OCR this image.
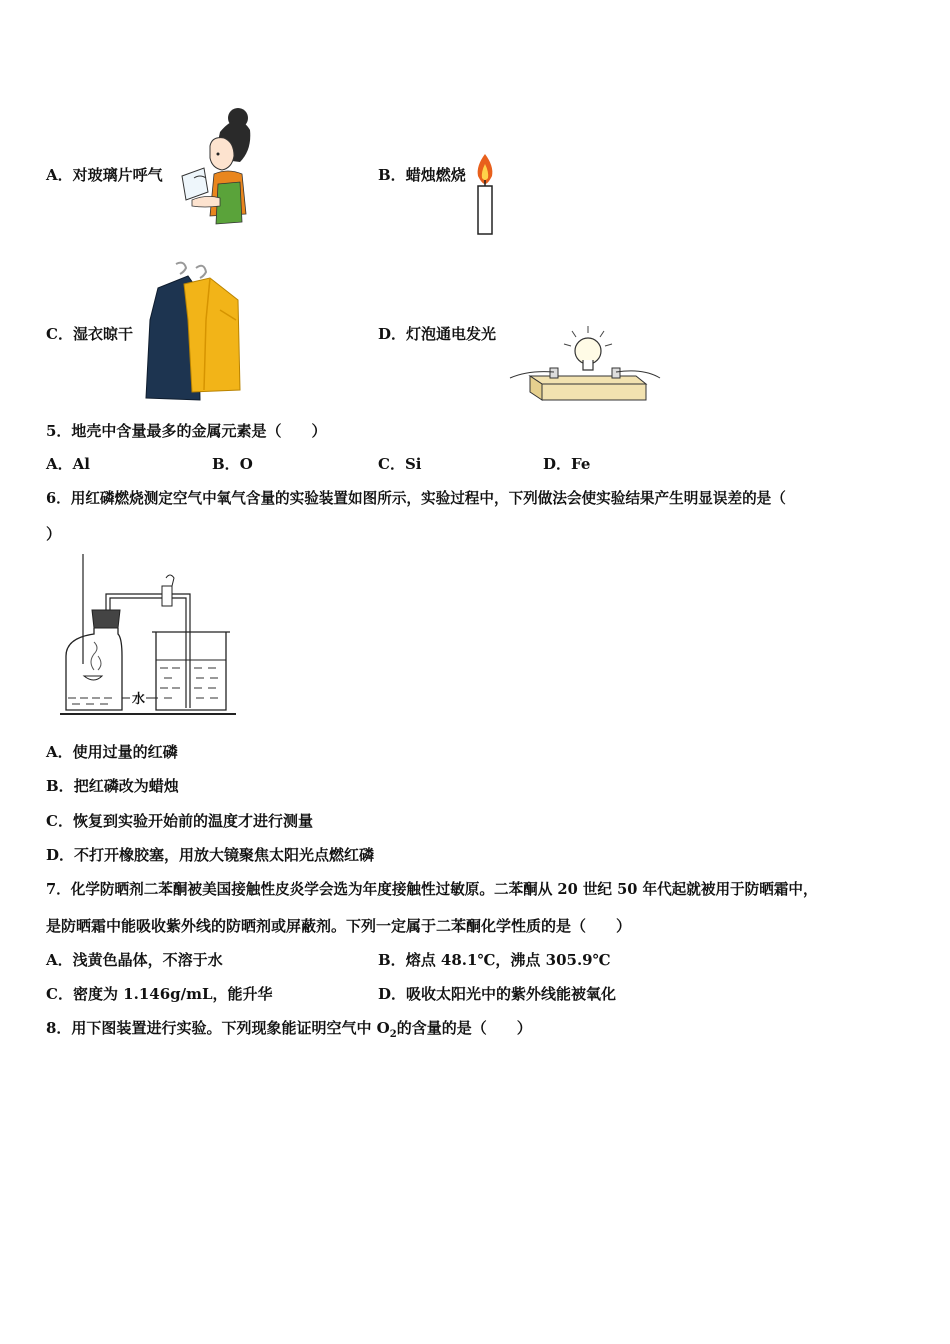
A．对玻璃片呼气	B．蜡烛燃烧
C．湿衣晾干	D．灯泡通电发光
5．地壳中含量最多的金属元素是（　　）
A．Al	B．O	C．Si	D．Fe
6．用红磷燃烧测定空气中氧气含量的实验装置如图所示，实验过程中，下列做法会使实验结果产生明显误差的是（
）
水
A．使用过量的红磷
B．把红磷改为蜡烛
C．恢复到实验开始前的温度才进行测量
D．不打开橡胶塞，用放大镜聚焦太阳光点燃红磷
7．化学防晒剂二苯酮被美国接触性皮炎学会选为年度接触性过敏原。二苯酮从 20 世纪 50 年代起就被用于防晒霜中，
是防晒霜中能吸收紫外线的防晒剂或屏蔽剂。下列一定属于二苯酮化学性质的是（　　）
A．浅黄色晶体，不溶于水	B．熔点 48.1℃，沸点 305.9℃
C．密度为 1.146g/mL，能升华	D．吸收太阳光中的紫外线能被氧化
8．用下图装置进行实验。下列现象能证明空气中 $O_2$的含量的是（　　）
